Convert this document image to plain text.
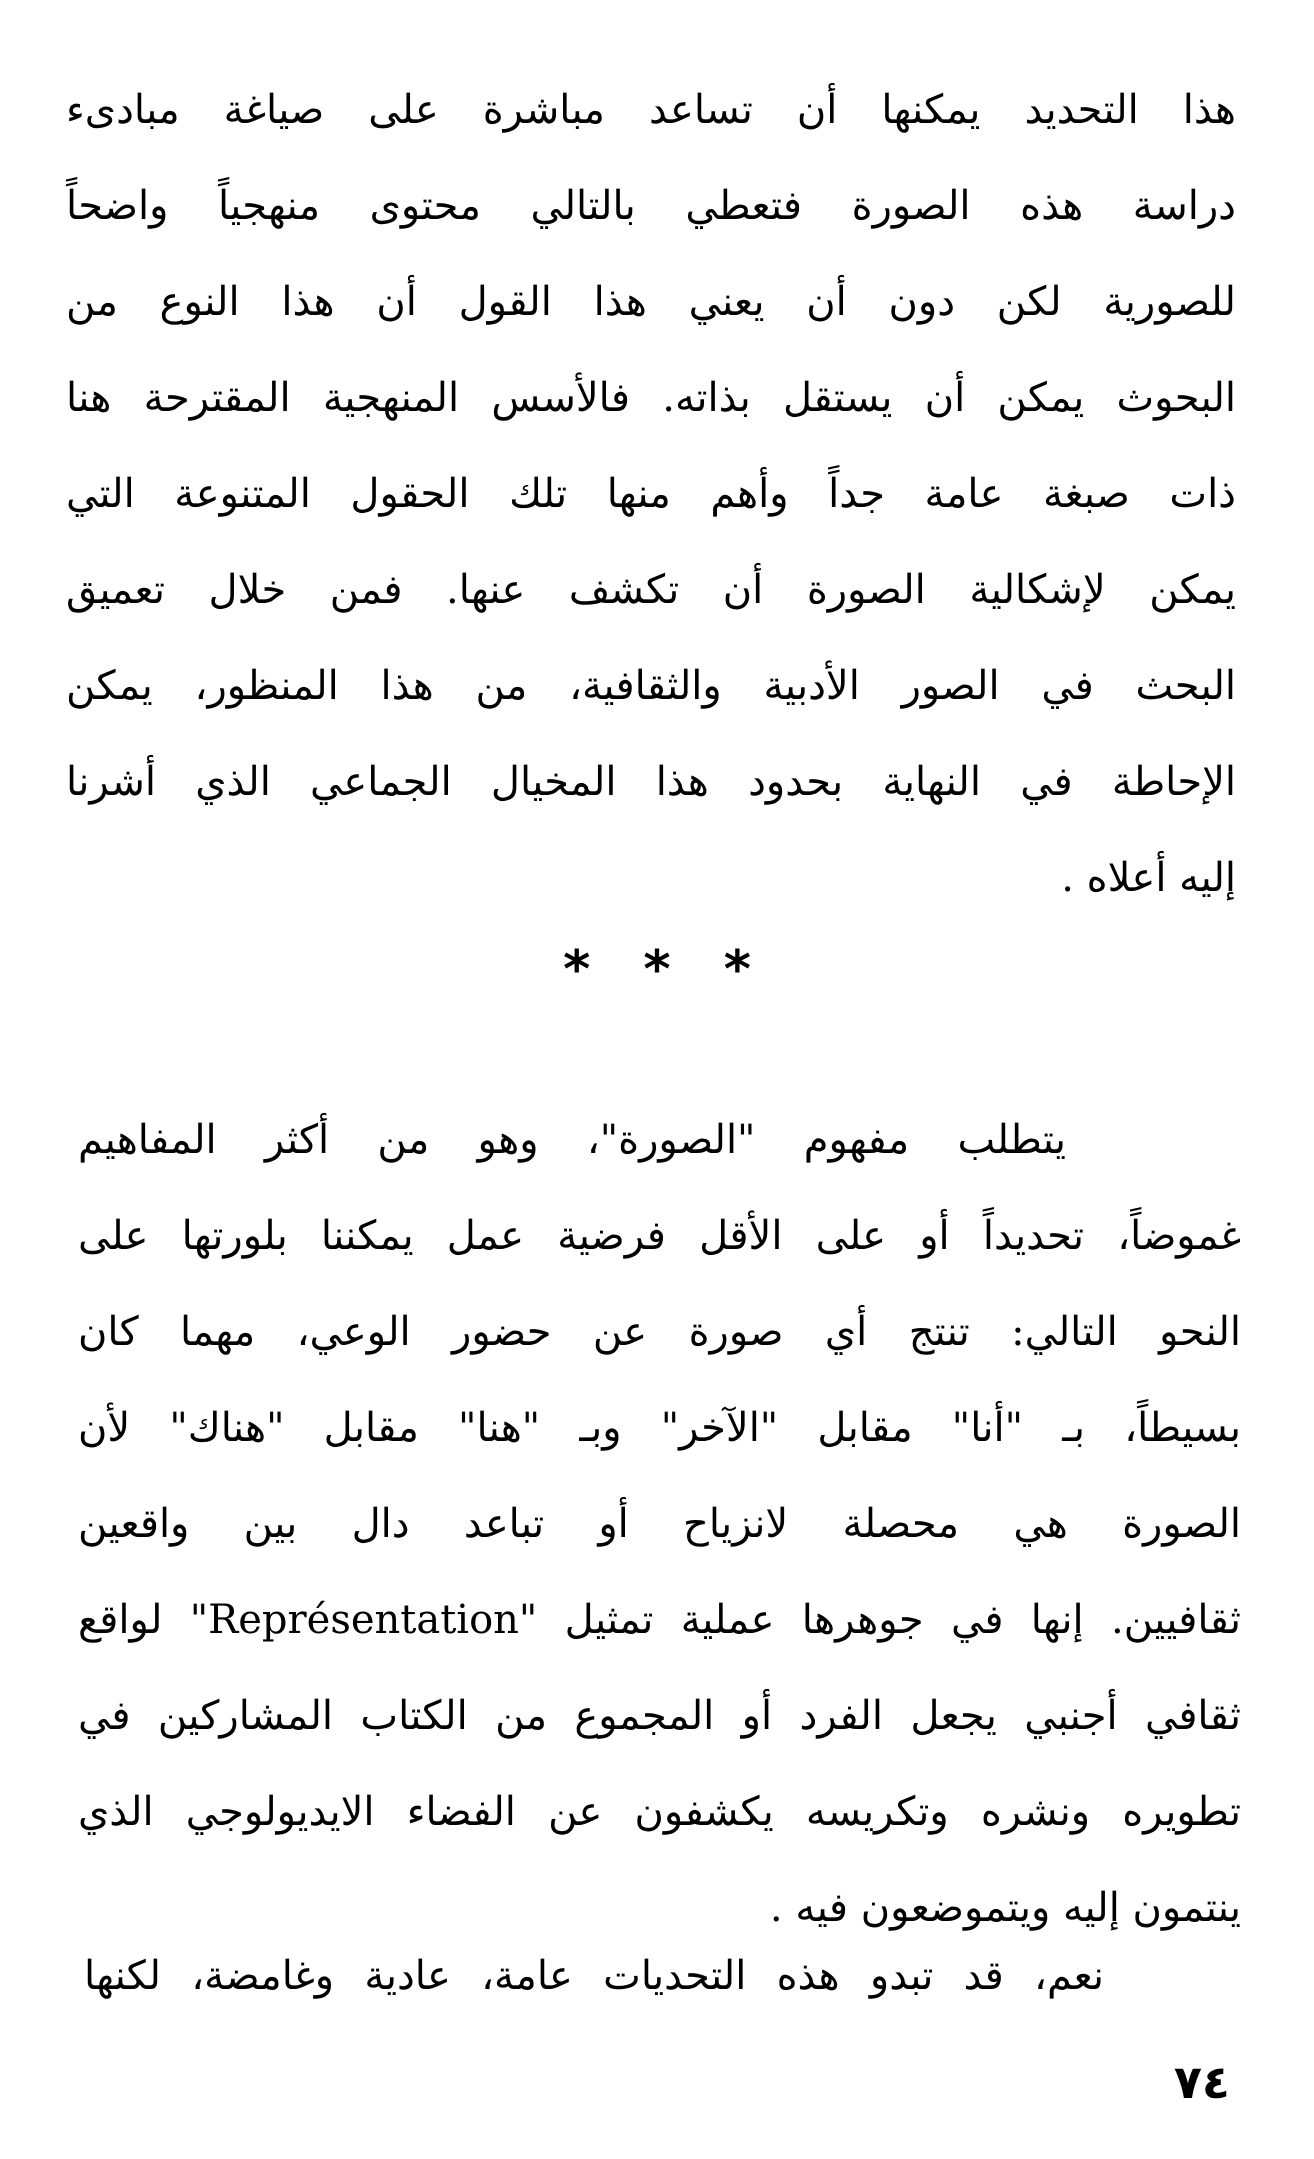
هذا التحديد يمكنها أن تساعد مباشرة على صياغة مبادىء
دراسة هذه الصورة فتعطي بالتالي محتوى منهجياً واضحاً
للصورية لكن دون أن يعني هذا القول أن هذا النوع من
البحوث يمكن أن يستقل بذاته. فالأسس المنهجية المقترحة هنا
ذات صبغة عامة جداً وأهم منها تلك الحقول المتنوعة التي
يمكن لإشكالية الصورة أن تكشف عنها. فمن خلال تعميق
البحث في الصور الأدبية والثقافية، من هذا المنظور، يمكن
الإحاطة في النهاية بحدود هذا المخيال الجماعي الذي أشرنا
إليه أعلاه .
* * *
يتطلب مفهوم "الصورة"، وهو من أكثر المفاهيم
غموضاً، تحديداً أو على الأقل فرضية عمل يمكننا بلورتها على
النحو التالي: تنتج أي صورة عن حضور الوعي، مهما كان
بسيطاً، بـ "أنا" مقابل "الآخر" وبـ "هنا" مقابل "هناك" لأن
الصورة هي محصلة لانزياح أو تباعد دال بين واقعين
ثقافيين. إنها في جوهرها عملية تمثيل "Représentation" لواقع
ثقافي أجنبي يجعل الفرد أو المجموع من الكتاب المشاركين في
تطويره ونشره وتكريسه يكشفون عن الفضاء الايديولوجي الذي
ينتمون إليه ويتموضعون فيه .
نعم، قد تبدو هذه التحديات عامة، عادية وغامضة، لكنها
٧٤
